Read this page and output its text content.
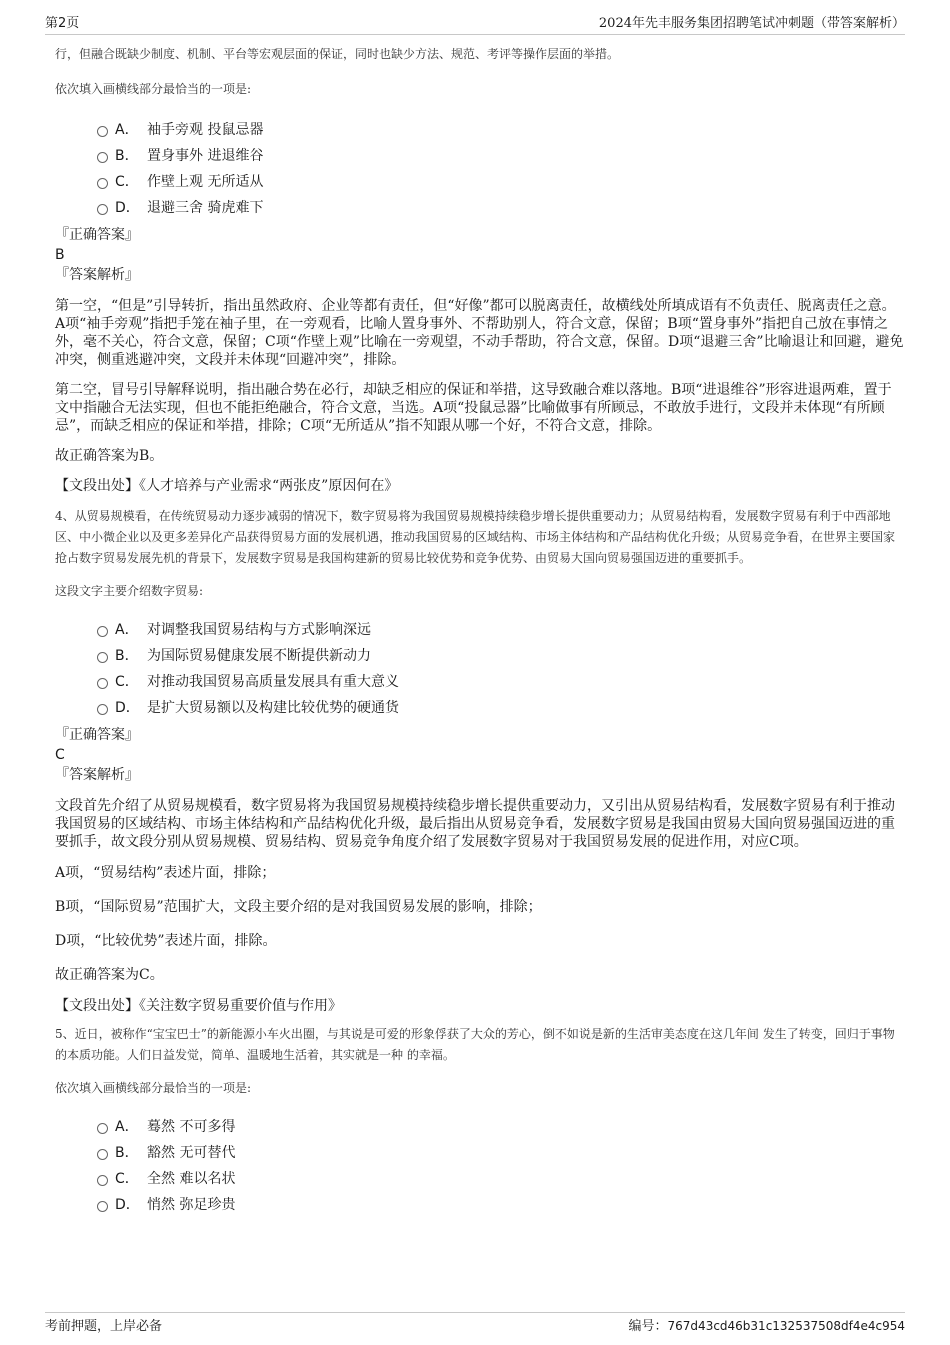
第2页	2024年先丰服务集团招聘笔试冲刺题（带答案解析）

行，但融合既缺少制度、机制、平台等宏观层面的保证，同时也缺少方法、规范、考评等操作层面的举措。

依次填入画横线部分最恰当的一项是:

A． 袖手旁观 投鼠忌器
B． 置身事外 进退维谷
C． 作壁上观 无所适从
D． 退避三舍 骑虎难下

『正确答案』

B

『答案解析』

第一空，“但是”引导转折，指出虽然政府、企业等都有责任，但“好像”都可以脱离责任，故横线处所填成语有不负责任、脱离责任之意。A项“袖手旁观”指把手笼在袖子里，在一旁观看，比喻人置身事外、不帮助别人，符合文意，保留；B项“置身事外”指把自己放在事情之外，毫不关心，符合文意，保留；C项“作壁上观”比喻在一旁观望，不动手帮助，符合文意，保留。D项“退避三舍”比喻退让和回避，避免冲突，侧重逃避冲突，文段并未体现“回避冲突”，排除。

第二空，冒号引导解释说明，指出融合势在必行，却缺乏相应的保证和举措，这导致融合难以落地。B项“进退维谷”形容进退两难，置于文中指融合无法实现，但也不能拒绝融合，符合文意，当选。A项“投鼠忌器”比喻做事有所顾忌，不敢放手进行，文段并未体现“有所顾忌”，而缺乏相应的保证和举措，排除；C项“无所适从”指不知跟从哪一个好，不符合文意，排除。

故正确答案为B。

【文段出处】《人才培养与产业需求“两张皮”原因何在》

4、从贸易规模看，在传统贸易动力逐步减弱的情况下，数字贸易将为我国贸易规模持续稳步增长提供重要动力；从贸易结构看，发展数字贸易有利于中西部地区、中小微企业以及更多差异化产品获得贸易方面的发展机遇，推动我国贸易的区域结构、市场主体结构和产品结构优化升级；从贸易竞争看，在世界主要国家抢占数字贸易发展先机的背景下，发展数字贸易是我国构建新的贸易比较优势和竞争优势、由贸易大国向贸易强国迈进的重要抓手。

这段文字主要介绍数字贸易:

A． 对调整我国贸易结构与方式影响深远
B． 为国际贸易健康发展不断提供新动力
C． 对推动我国贸易高质量发展具有重大意义
D． 是扩大贸易额以及构建比较优势的硬通货

『正确答案』

C

『答案解析』

文段首先介绍了从贸易规模看，数字贸易将为我国贸易规模持续稳步增长提供重要动力，又引出从贸易结构看，发展数字贸易有利于推动我国贸易的区域结构、市场主体结构和产品结构优化升级，最后指出从贸易竞争看，发展数字贸易是我国由贸易大国向贸易强国迈进的重要抓手，故文段分别从贸易规模、贸易结构、贸易竞争角度介绍了发展数字贸易对于我国贸易发展的促进作用，对应C项。

A项，“贸易结构”表述片面，排除；

B项，“国际贸易”范围扩大，文段主要介绍的是对我国贸易发展的影响，排除；

D项，“比较优势”表述片面，排除。

故正确答案为C。

【文段出处】《关注数字贸易重要价值与作用》

5、近日，被称作“宝宝巴士”的新能源小车火出圈，与其说是可爱的形象俘获了大众的芳心，倒不如说是新的生活审美态度在这几年间 发生了转变，回归于事物的本质功能。人们日益发觉，简单、温暖地生活着，其实就是一种 的幸福。

依次填入画横线部分最恰当的一项是:

A． 蓦然 不可多得
B． 豁然 无可替代
C． 全然 难以名状
D． 悄然 弥足珍贵
考前押题，上岸必备	编号：767d43cd46b31c132537508df4e4c954
